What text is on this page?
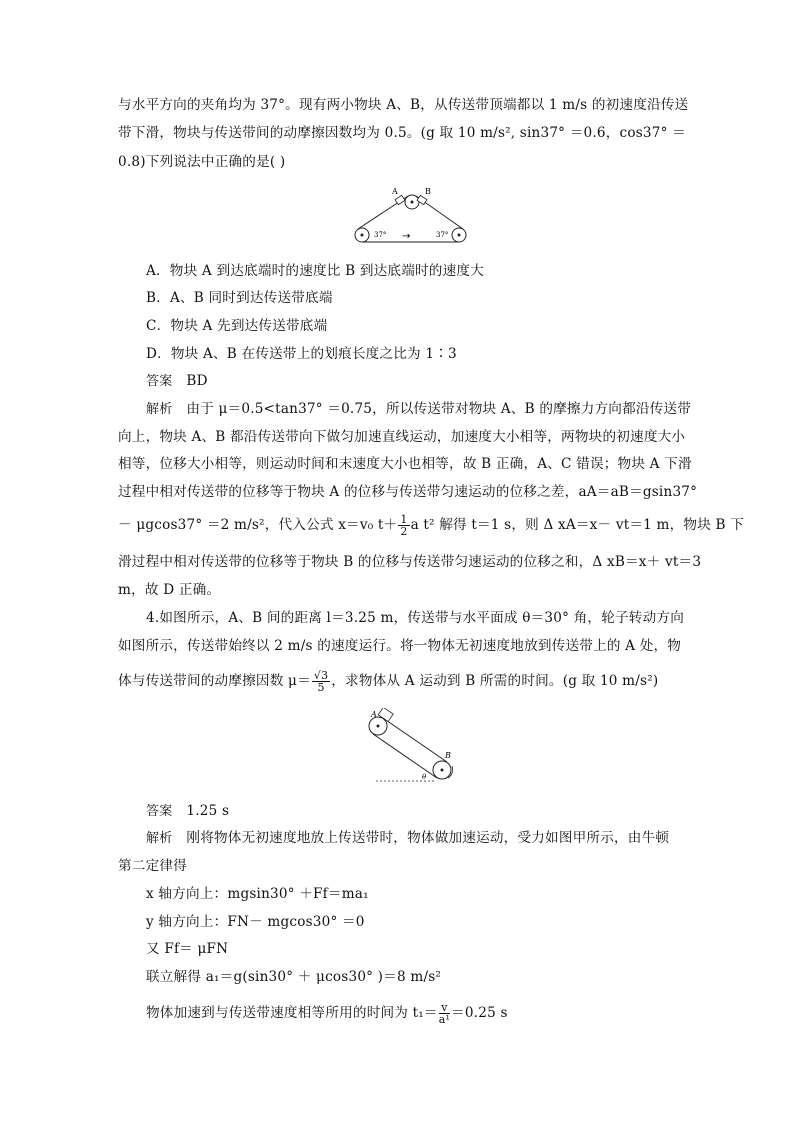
与水平方向的夹角均为 37°。现有两小物块 A、B，从传送带顶端都以 1 m/s 的初速度沿传送
带下滑，物块与传送带间的动摩擦因数均为 0.5。(g 取 10 m/s², sin37° ＝0.6，cos37° ＝
0.8)下列说法中正确的是( )
A	B
37°	37°
→
A．物块 A 到达底端时的速度比 B 到达底端时的速度大
B．A、B 同时到达传送带底端
C．物块 A 先到达传送带底端
D．物块 A、B 在传送带上的划痕长度之比为 1∶3
答案 BD
解析 由于 μ＝0.5<tan37° ＝0.75，所以传送带对物块 A、B 的摩擦力方向都沿传送带
向上，物块 A、B 都沿传送带向下做匀加速直线运动，加速度大小相等，两物块的初速度大小
相等，位移大小相等，则运动时间和末速度大小也相等，故 B 正确，A、C 错误；物块 A 下滑
过程中相对传送带的位移等于物块 A 的位移与传送带匀速运动的位移之差，aA＝aB＝gsin37°
－ μgcos37° ＝2 m/s²，代入公式 x＝v₀ $t+ \frac{1}{2}$ a t² 解得 t＝1 s，则 Δ xA＝x－ vt＝1 m，物块 B 下
滑过程中相对传送带的位移等于物块 B 的位移与传送带匀速运动的位移之和，Δ xB＝x＋ vt＝3
m，故 D 正确。
4.如图所示，A、B 间的距离 l＝3.25 m，传送带与水平面成 θ＝30° 角，轮子转动方向
如图所示，传送带始终以 2 m/s 的速度运行。将一物体无初速度地放到传送带上的 A 处，物
体与传送带间的动摩擦因数 $\mu= \frac{√3}{5}$ ，求物体从 A 运动到 B 所需的时间。(g 取 10 m/s²)
A
B
θ
答案 1.25 s
解析 刚将物体无初速度地放上传送带时，物体做加速运动，受力如图甲所示，由牛顿
第二定律得
x 轴方向上：mgsin30° ＋Ff＝ma₁
y 轴方向上：FN－ mgcos30° ＝0
又 Ff＝ μFN
联立解得 a₁＝g(sin30° ＋ μcos30° )＝8 m/s²
物体加速到与传送带速度相等所用的时间为 $t_1= \frac{v}{\text{a¹}} =0.25$ s
